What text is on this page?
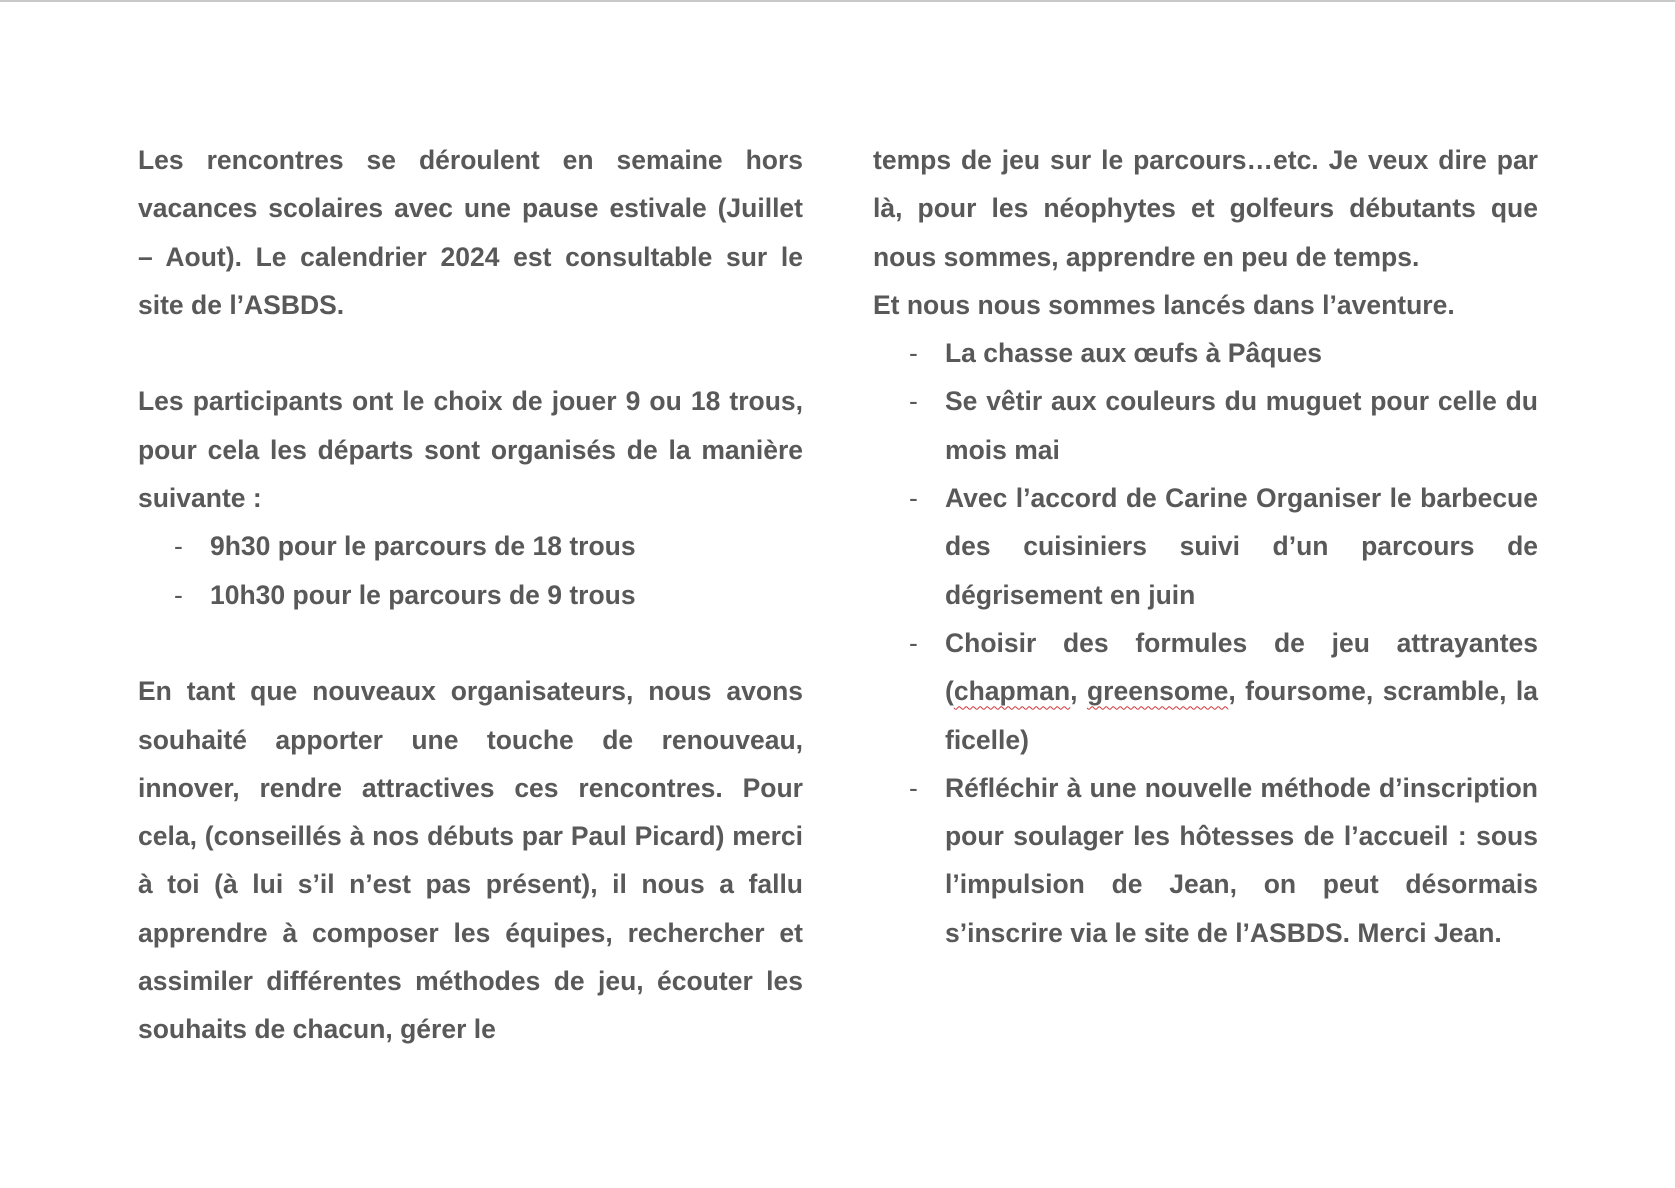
Les rencontres se déroulent en semaine hors vacances scolaires avec une pause estivale (Juillet – Aout). Le calendrier 2024 est consultable sur le site de l’ASBDS.

Les participants ont le choix de jouer 9 ou 18 trous, pour cela les départs sont organisés de la manière suivante :

- 9h30 pour le parcours de 18 trous
- 10h30 pour le parcours de 9 trous

En tant que nouveaux organisateurs, nous avons souhaité apporter une touche de renouveau, innover, rendre attractives ces rencontres. Pour cela, (conseillés à nos débuts par Paul Picard) merci à toi (à lui s’il n’est pas présent), il nous a fallu apprendre à composer les équipes, rechercher et assimiler différentes méthodes de jeu, écouter les souhaits de chacun, gérer le

temps de jeu sur le parcours…etc. Je veux dire par là, pour les néophytes et golfeurs débutants que nous sommes, apprendre en peu de temps.

Et nous nous sommes lancés dans l’aventure.

- La chasse aux œufs à Pâques
- Se vêtir aux couleurs du muguet pour celle du mois mai
- Avec l’accord de Carine Organiser le barbecue des cuisiniers suivi d’un parcours de dégrisement en juin
- Choisir des formules de jeu attrayantes (chapman, greensome, foursome, scramble, la ficelle)
- Réfléchir à une nouvelle méthode d’inscription pour soulager les hôtesses de l’accueil : sous l’impulsion de Jean, on peut désormais s’inscrire via le site de l’ASBDS. Merci Jean.
